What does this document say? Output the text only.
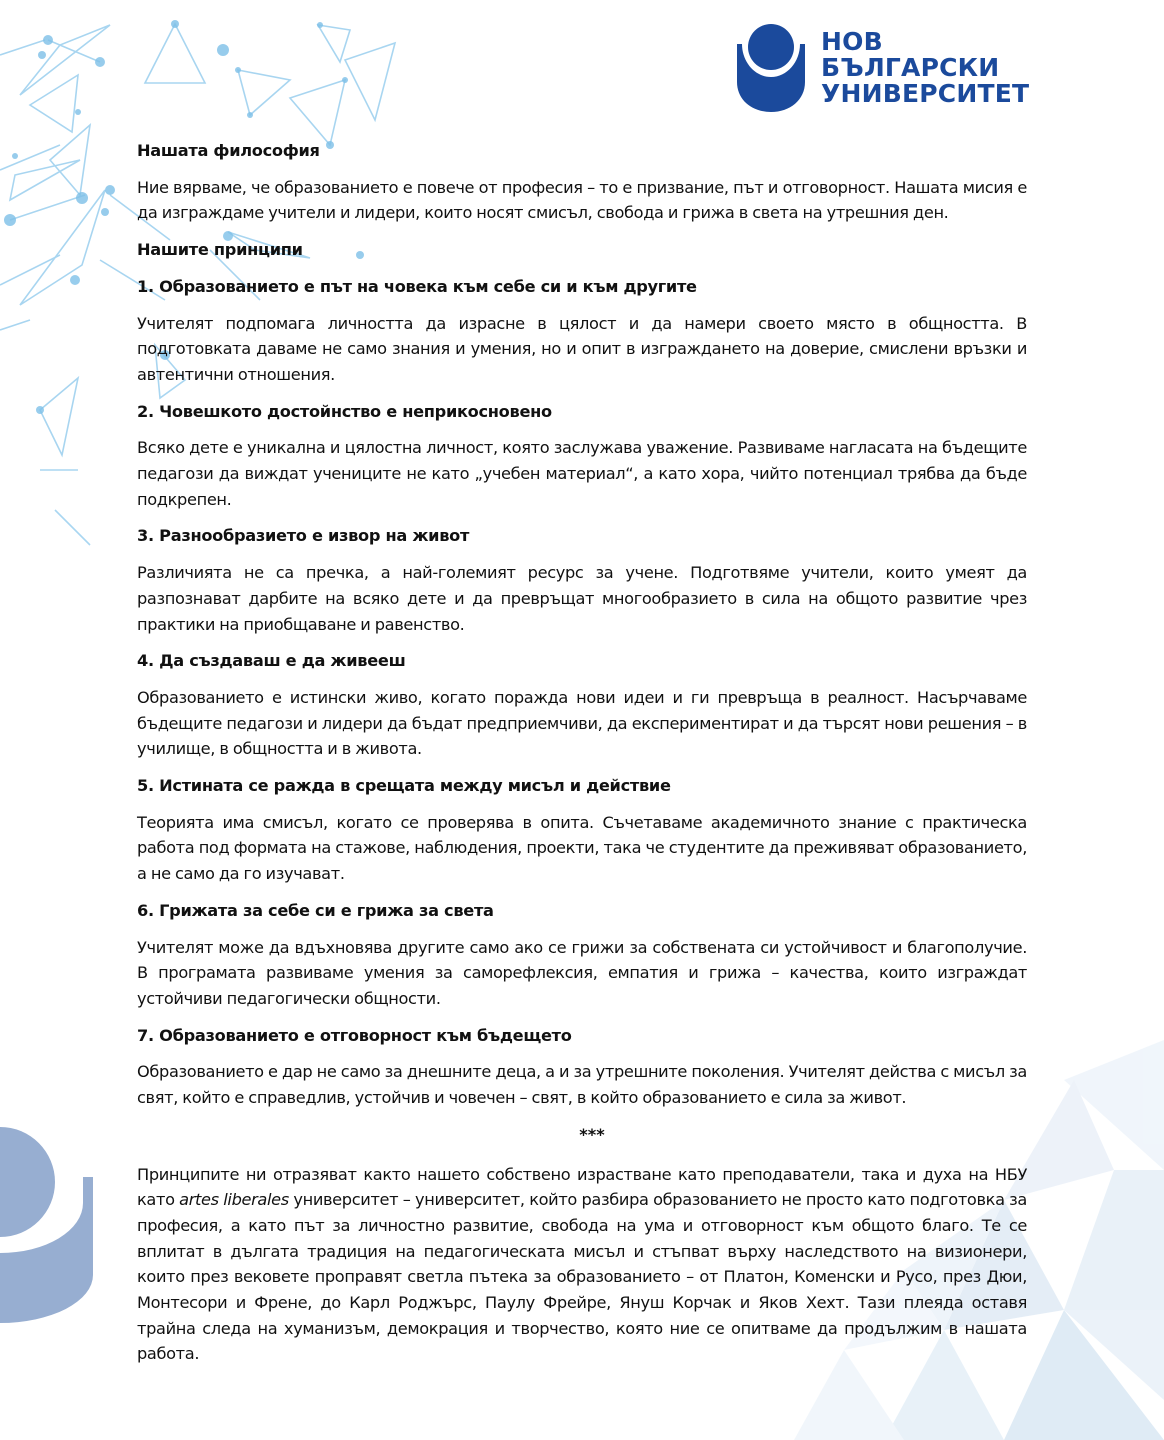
НОВ
БЪЛГАРСКИ
УНИВЕРСИТЕТ
Нашата философия
Ние вярваме, че образованието е повече от професия – то е призвание, път и отговорност. Нашата мисия е да изграждаме учители и лидери, които носят смисъл, свобода и грижа в света на утрешния ден.
Нашите принципи
1. Образованието е път на човека към себе си и към другите
Учителят подпомага личността да израсне в цялост и да намери своето място в общността. В подготовката даваме не само знания и умения, но и опит в изграждането на доверие, смислени връзки и автентични отношения.
2. Човешкото достойнство е неприкосновено
Всяко дете е уникална и цялостна личност, която заслужава уважение. Развиваме нагласата на бъдещите педагози да виждат учениците не като „учебен материал“, а като хора, чийто потенциал трябва да бъде подкрепен.
3. Разнообразието е извор на живот
Различията не са пречка, а най-големият ресурс за учене. Подготвяме учители, които умеят да разпознават дарбите на всяко дете и да превръщат многообразието в сила на общото развитие чрез практики на приобщаване и равенство.
4. Да създаваш е да живееш
Образованието е истински живо, когато поражда нови идеи и ги превръща в реалност. Насърчаваме бъдещите педагози и лидери да бъдат предприемчиви, да експериментират и да търсят нови решения – в училище, в общността и в живота.
5. Истината се ражда в срещата между мисъл и действие
Теорията има смисъл, когато се проверява в опита. Съчетаваме академичното знание с практическа работа под формата на стажове, наблюдения, проекти, така че студентите да преживяват образованието, а не само да го изучават.
6. Грижата за себе си е грижа за света
Учителят може да вдъхновява другите само ако се грижи за собствената си устойчивост и благополучие. В програмата развиваме умения за саморефлексия, емпатия и грижа – качества, които изграждат устойчиви педагогически общности.
7. Образованието е отговорност към бъдещето
Образованието е дар не само за днешните деца, а и за утрешните поколения. Учителят действа с мисъл за свят, който е справедлив, устойчив и човечен – свят, в който образованието е сила за живот.
***
Принципите ни отразяват както нашето собствено израстване като преподаватели, така и духа на НБУ като artes liberales университет – университет, който разбира образованието не просто като подготовка за професия, а като път за личностно развитие, свобода на ума и отговорност към общото благо. Те се вплитат в дългата традиция на педагогическата мисъл и стъпват върху наследството на визионери, които през вековете проправят светла пътека за образованието – от Платон, Коменски и Русо, през Дюи, Монтесори и Френе, до Карл Роджърс, Паулу Фрейре, Януш Корчак и Яков Хехт. Тази плеяда оставя трайна следа на хуманизъм, демокрация и творчество, която ние се опитваме да продължим в нашата работа.
